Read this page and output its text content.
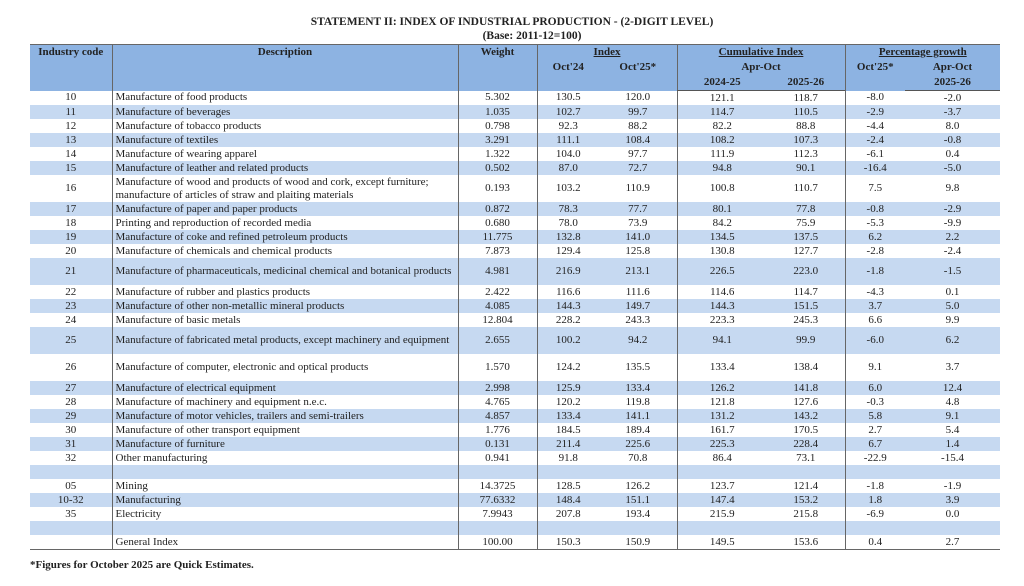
STATEMENT II: INDEX OF INDUSTRIAL PRODUCTION - (2-DIGIT LEVEL)
(Base: 2011-12=100)
Industry code	Description	Weight	Index		Cumulative Index		Percentage growth	
			Oct'24	Oct'25*	Apr-Oct		Oct'25*	Apr-Oct
					2024-25	2025-26		2025-26
10	Manufacture of food products	5.302	130.5	120.0	121.1	118.7	-8.0	-2.0
11	Manufacture of beverages	1.035	102.7	99.7	114.7	110.5	-2.9	-3.7
12	Manufacture of tobacco products	0.798	92.3	88.2	82.2	88.8	-4.4	8.0
13	Manufacture of textiles	3.291	111.1	108.4	108.2	107.3	-2.4	-0.8
14	Manufacture of wearing apparel	1.322	104.0	97.7	111.9	112.3	-6.1	0.4
15	Manufacture of leather and related products	0.502	87.0	72.7	94.8	90.1	-16.4	-5.0
16	Manufacture of wood and products of wood and cork, except furniture; manufacture of articles of straw and plaiting materials	0.193	103.2	110.9	100.8	110.7	7.5	9.8
17	Manufacture of paper and paper products	0.872	78.3	77.7	80.1	77.8	-0.8	-2.9
18	Printing and reproduction of recorded media	0.680	78.0	73.9	84.2	75.9	-5.3	-9.9
19	Manufacture of coke and refined petroleum products	11.775	132.8	141.0	134.5	137.5	6.2	2.2
20	Manufacture of chemicals and chemical products	7.873	129.4	125.8	130.8	127.7	-2.8	-2.4
21	Manufacture of pharmaceuticals, medicinal chemical and botanical products	4.981	216.9	213.1	226.5	223.0	-1.8	-1.5
22	Manufacture of rubber and plastics products	2.422	116.6	111.6	114.6	114.7	-4.3	0.1
23	Manufacture of other non-metallic mineral products	4.085	144.3	149.7	144.3	151.5	3.7	5.0
24	Manufacture of basic metals	12.804	228.2	243.3	223.3	245.3	6.6	9.9
25	Manufacture of fabricated metal products, except machinery and equipment	2.655	100.2	94.2	94.1	99.9	-6.0	6.2
26	Manufacture of computer, electronic and optical products	1.570	124.2	135.5	133.4	138.4	9.1	3.7
27	Manufacture of electrical equipment	2.998	125.9	133.4	126.2	141.8	6.0	12.4
28	Manufacture of machinery and equipment n.e.c.	4.765	120.2	119.8	121.8	127.6	-0.3	4.8
29	Manufacture of motor vehicles, trailers and semi-trailers	4.857	133.4	141.1	131.2	143.2	5.8	9.1
30	Manufacture of other transport equipment	1.776	184.5	189.4	161.7	170.5	2.7	5.4
31	Manufacture of furniture	0.131	211.4	225.6	225.3	228.4	6.7	1.4
32	Other manufacturing	0.941	91.8	70.8	86.4	73.1	-22.9	-15.4

05	Mining	14.3725	128.5	126.2	123.7	121.4	-1.8	-1.9
10-32	Manufacturing	77.6332	148.4	151.1	147.4	153.2	1.8	3.9
35	Electricity	7.9943	207.8	193.4	215.9	215.8	-6.9	0.0

	General Index	100.00	150.3	150.9	149.5	153.6	0.4	2.7
*Figures for October 2025 are Quick Estimates.
